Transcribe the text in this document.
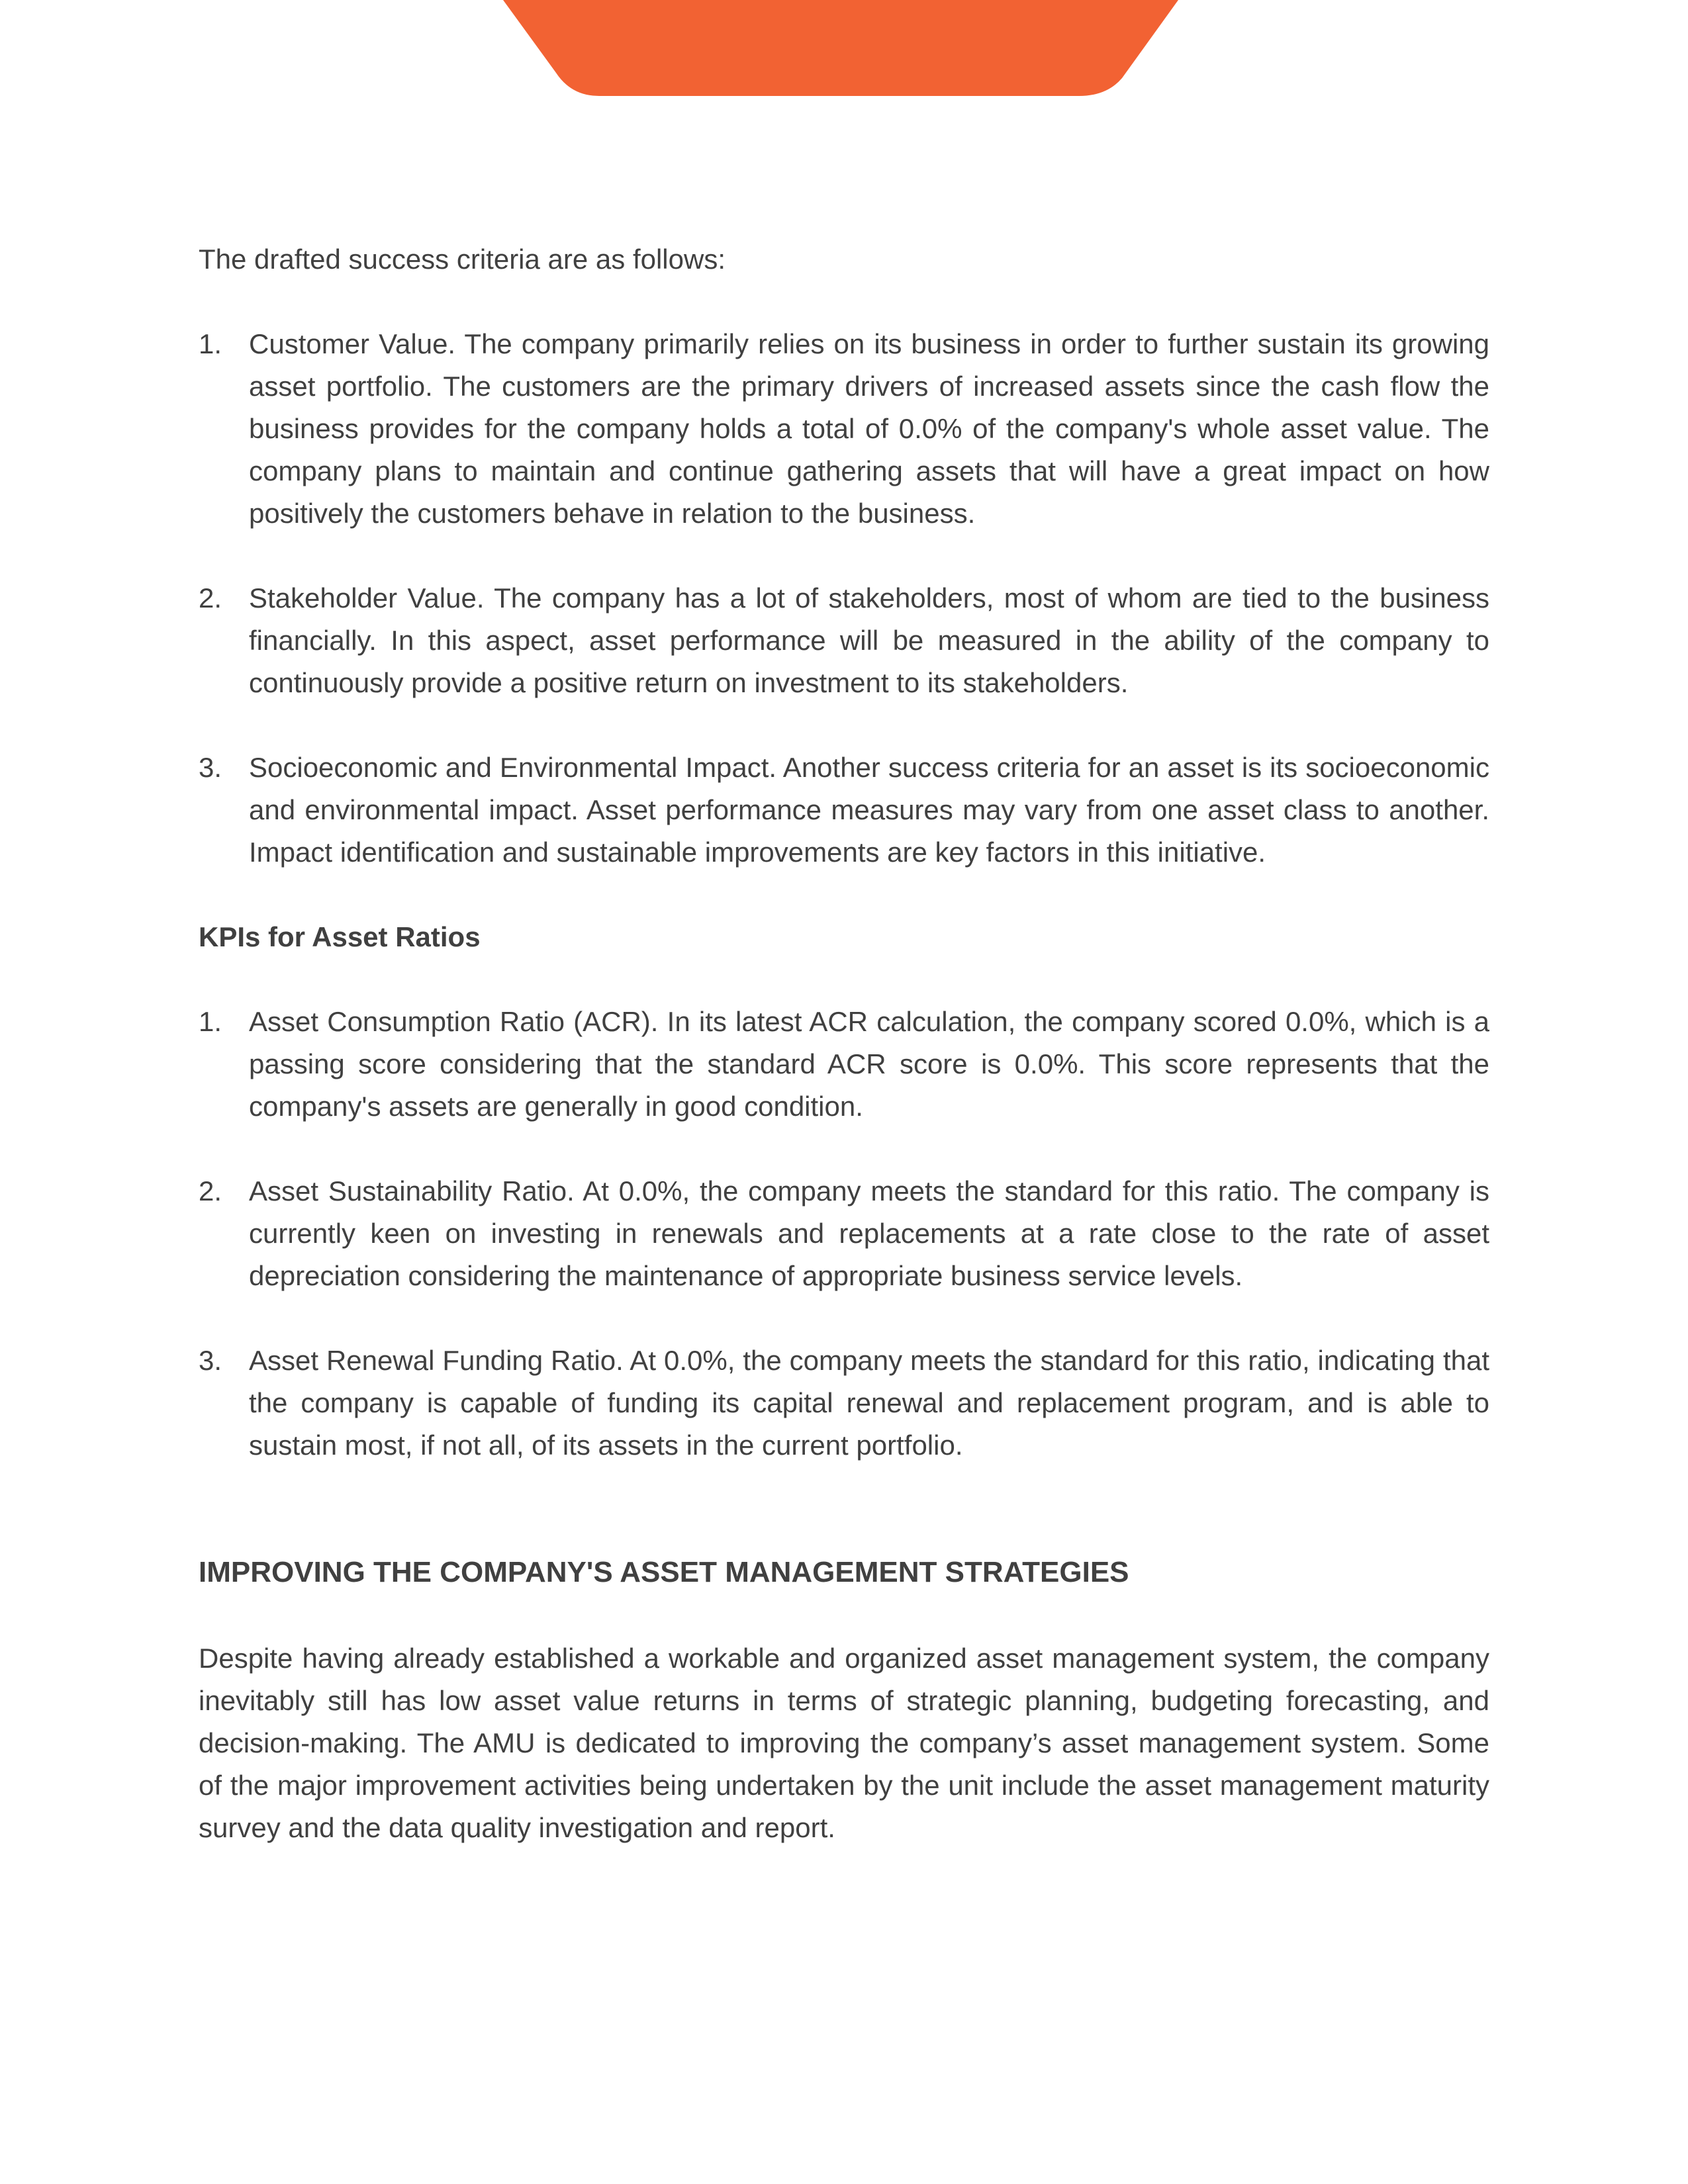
The drafted success criteria are as follows:

1. Customer Value. The company primarily relies on its business in order to further sustain its growing asset portfolio. The customers are the primary drivers of increased assets since the cash flow the business provides for the company holds a total of 0.0% of the company's whole asset value. The company plans to maintain and continue gathering assets that will have a great impact on how positively the customers behave in relation to the business.

2. Stakeholder Value. The company has a lot of stakeholders, most of whom are tied to the business financially. In this aspect, asset performance will be measured in the ability of the company to continuously provide a positive return on investment to its stakeholders.

3. Socioeconomic and Environmental Impact. Another success criteria for an asset is its socioeconomic and environmental impact. Asset performance measures may vary from one asset class to another. Impact identification and sustainable improvements are key factors in this initiative.

KPIs for Asset Ratios
1. Asset Consumption Ratio (ACR). In its latest ACR calculation, the company scored 0.0%, which is a passing score considering that the standard ACR score is 0.0%. This score represents that the company's assets are generally in good condition.

2. Asset Sustainability Ratio. At 0.0%, the company meets the standard for this ratio. The company is currently keen on investing in renewals and replacements at a rate close to the rate of asset depreciation considering the maintenance of appropriate business service levels.

3. Asset Renewal Funding Ratio. At 0.0%, the company meets the standard for this ratio, indicating that the company is capable of funding its capital renewal and replacement program, and is able to sustain most, if not all, of its assets in the current portfolio.

IMPROVING THE COMPANY'S ASSET MANAGEMENT STRATEGIES

Despite having already established a workable and organized asset management system, the company inevitably still has low asset value returns in terms of strategic planning, budgeting forecasting, and decision-making. The AMU is dedicated to improving the company’s asset management system. Some of the major improvement activities being undertaken by the unit include the asset management maturity survey and the data quality investigation and report.
